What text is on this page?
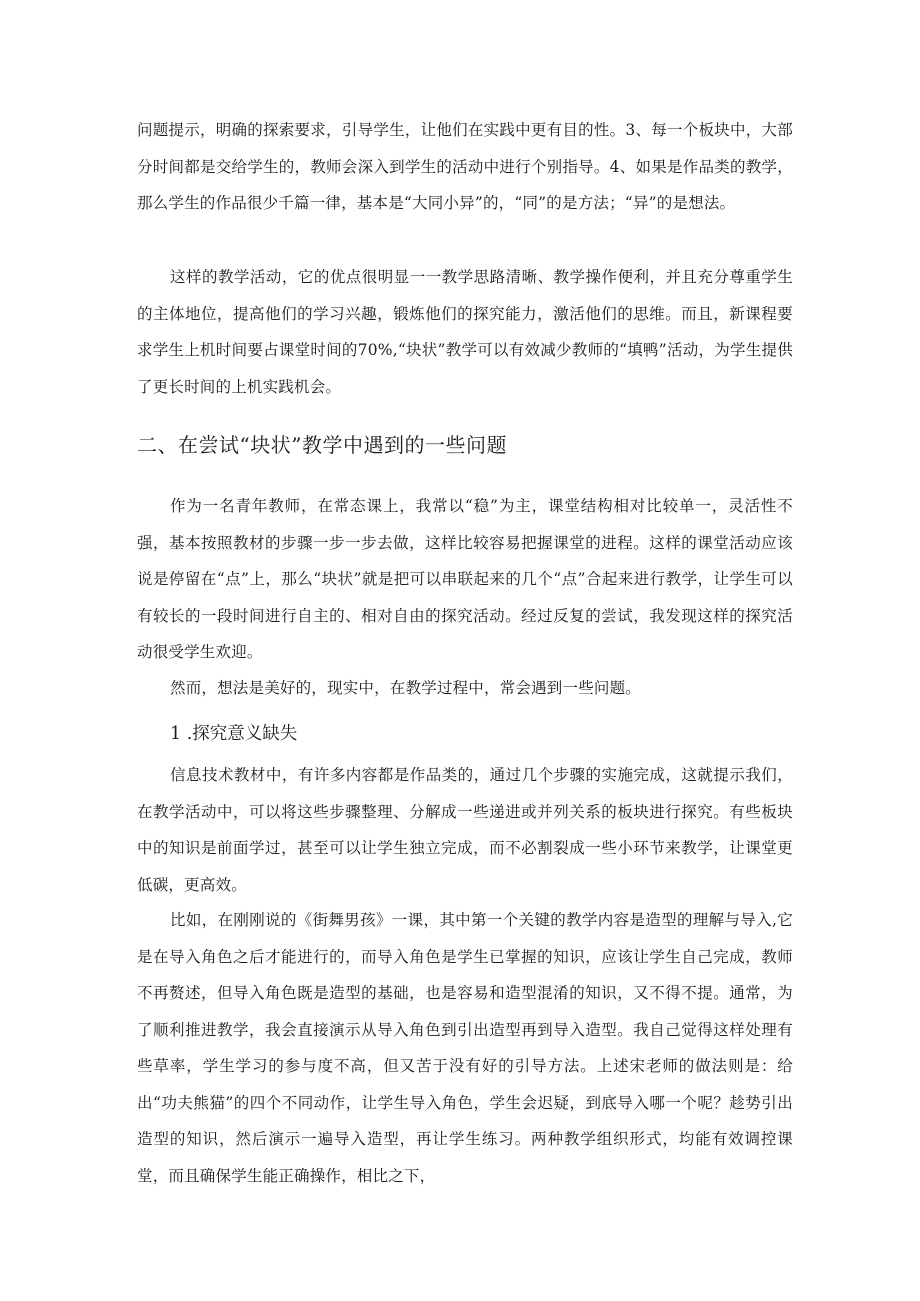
问题提示，明确的探索要求，引导学生，让他们在实践中更有目的性。3、每一个板块中，大部分时间都是交给学生的，教师会深入到学生的活动中进行个别指导。4、如果是作品类的教学，那么学生的作品很少千篇一律，基本是“大同小异”的，“同”的是方法；“异”的是想法。

这样的教学活动，它的优点很明显一一教学思路清晰、教学操作便利，并且充分尊重学生的主体地位，提高他们的学习兴趣，锻炼他们的探究能力，激活他们的思维。而且，新课程要求学生上机时间要占课堂时间的70%,“块状”教学可以有效减少教师的“填鸭”活动，为学生提供了更长时间的上机实践机会。

二、在尝试“块状”教学中遇到的一些问题

作为一名青年教师，在常态课上，我常以“稳”为主，课堂结构相对比较单一，灵活性不强，基本按照教材的步骤一步一步去做，这样比较容易把握课堂的进程。这样的课堂活动应该说是停留在“点”上，那么“块状”就是把可以串联起来的几个“点”合起来进行教学，让学生可以有较长的一段时间进行自主的、相对自由的探究活动。经过反复的尝试，我发现这样的探究活动很受学生欢迎。

然而，想法是美好的，现实中，在教学过程中，常会遇到一些问题。

1 .探究意义缺失

信息技术教材中，有许多内容都是作品类的，通过几个步骤的实施完成，这就提示我们，在教学活动中，可以将这些步骤整理、分解成一些递进或并列关系的板块进行探究。有些板块中的知识是前面学过，甚至可以让学生独立完成，而不必割裂成一些小环节来教学，让课堂更低碳，更高效。

比如，在刚刚说的《街舞男孩》一课，其中第一个关键的教学内容是造型的理解与导入,它是在导入角色之后才能进行的，而导入角色是学生已掌握的知识，应该让学生自己完成，教师不再赘述，但导入角色既是造型的基础，也是容易和造型混淆的知识，又不得不提。通常，为了顺利推进教学，我会直接演示从导入角色到引出造型再到导入造型。我自己觉得这样处理有些草率，学生学习的参与度不高，但又苦于没有好的引导方法。上述宋老师的做法则是：给出“功夫熊猫”的四个不同动作，让学生导入角色，学生会迟疑，到底导入哪一个呢？趁势引出造型的知识，然后演示一遍导入造型，再让学生练习。两种教学组织形式，均能有效调控课堂，而且确保学生能正确操作，相比之下，
